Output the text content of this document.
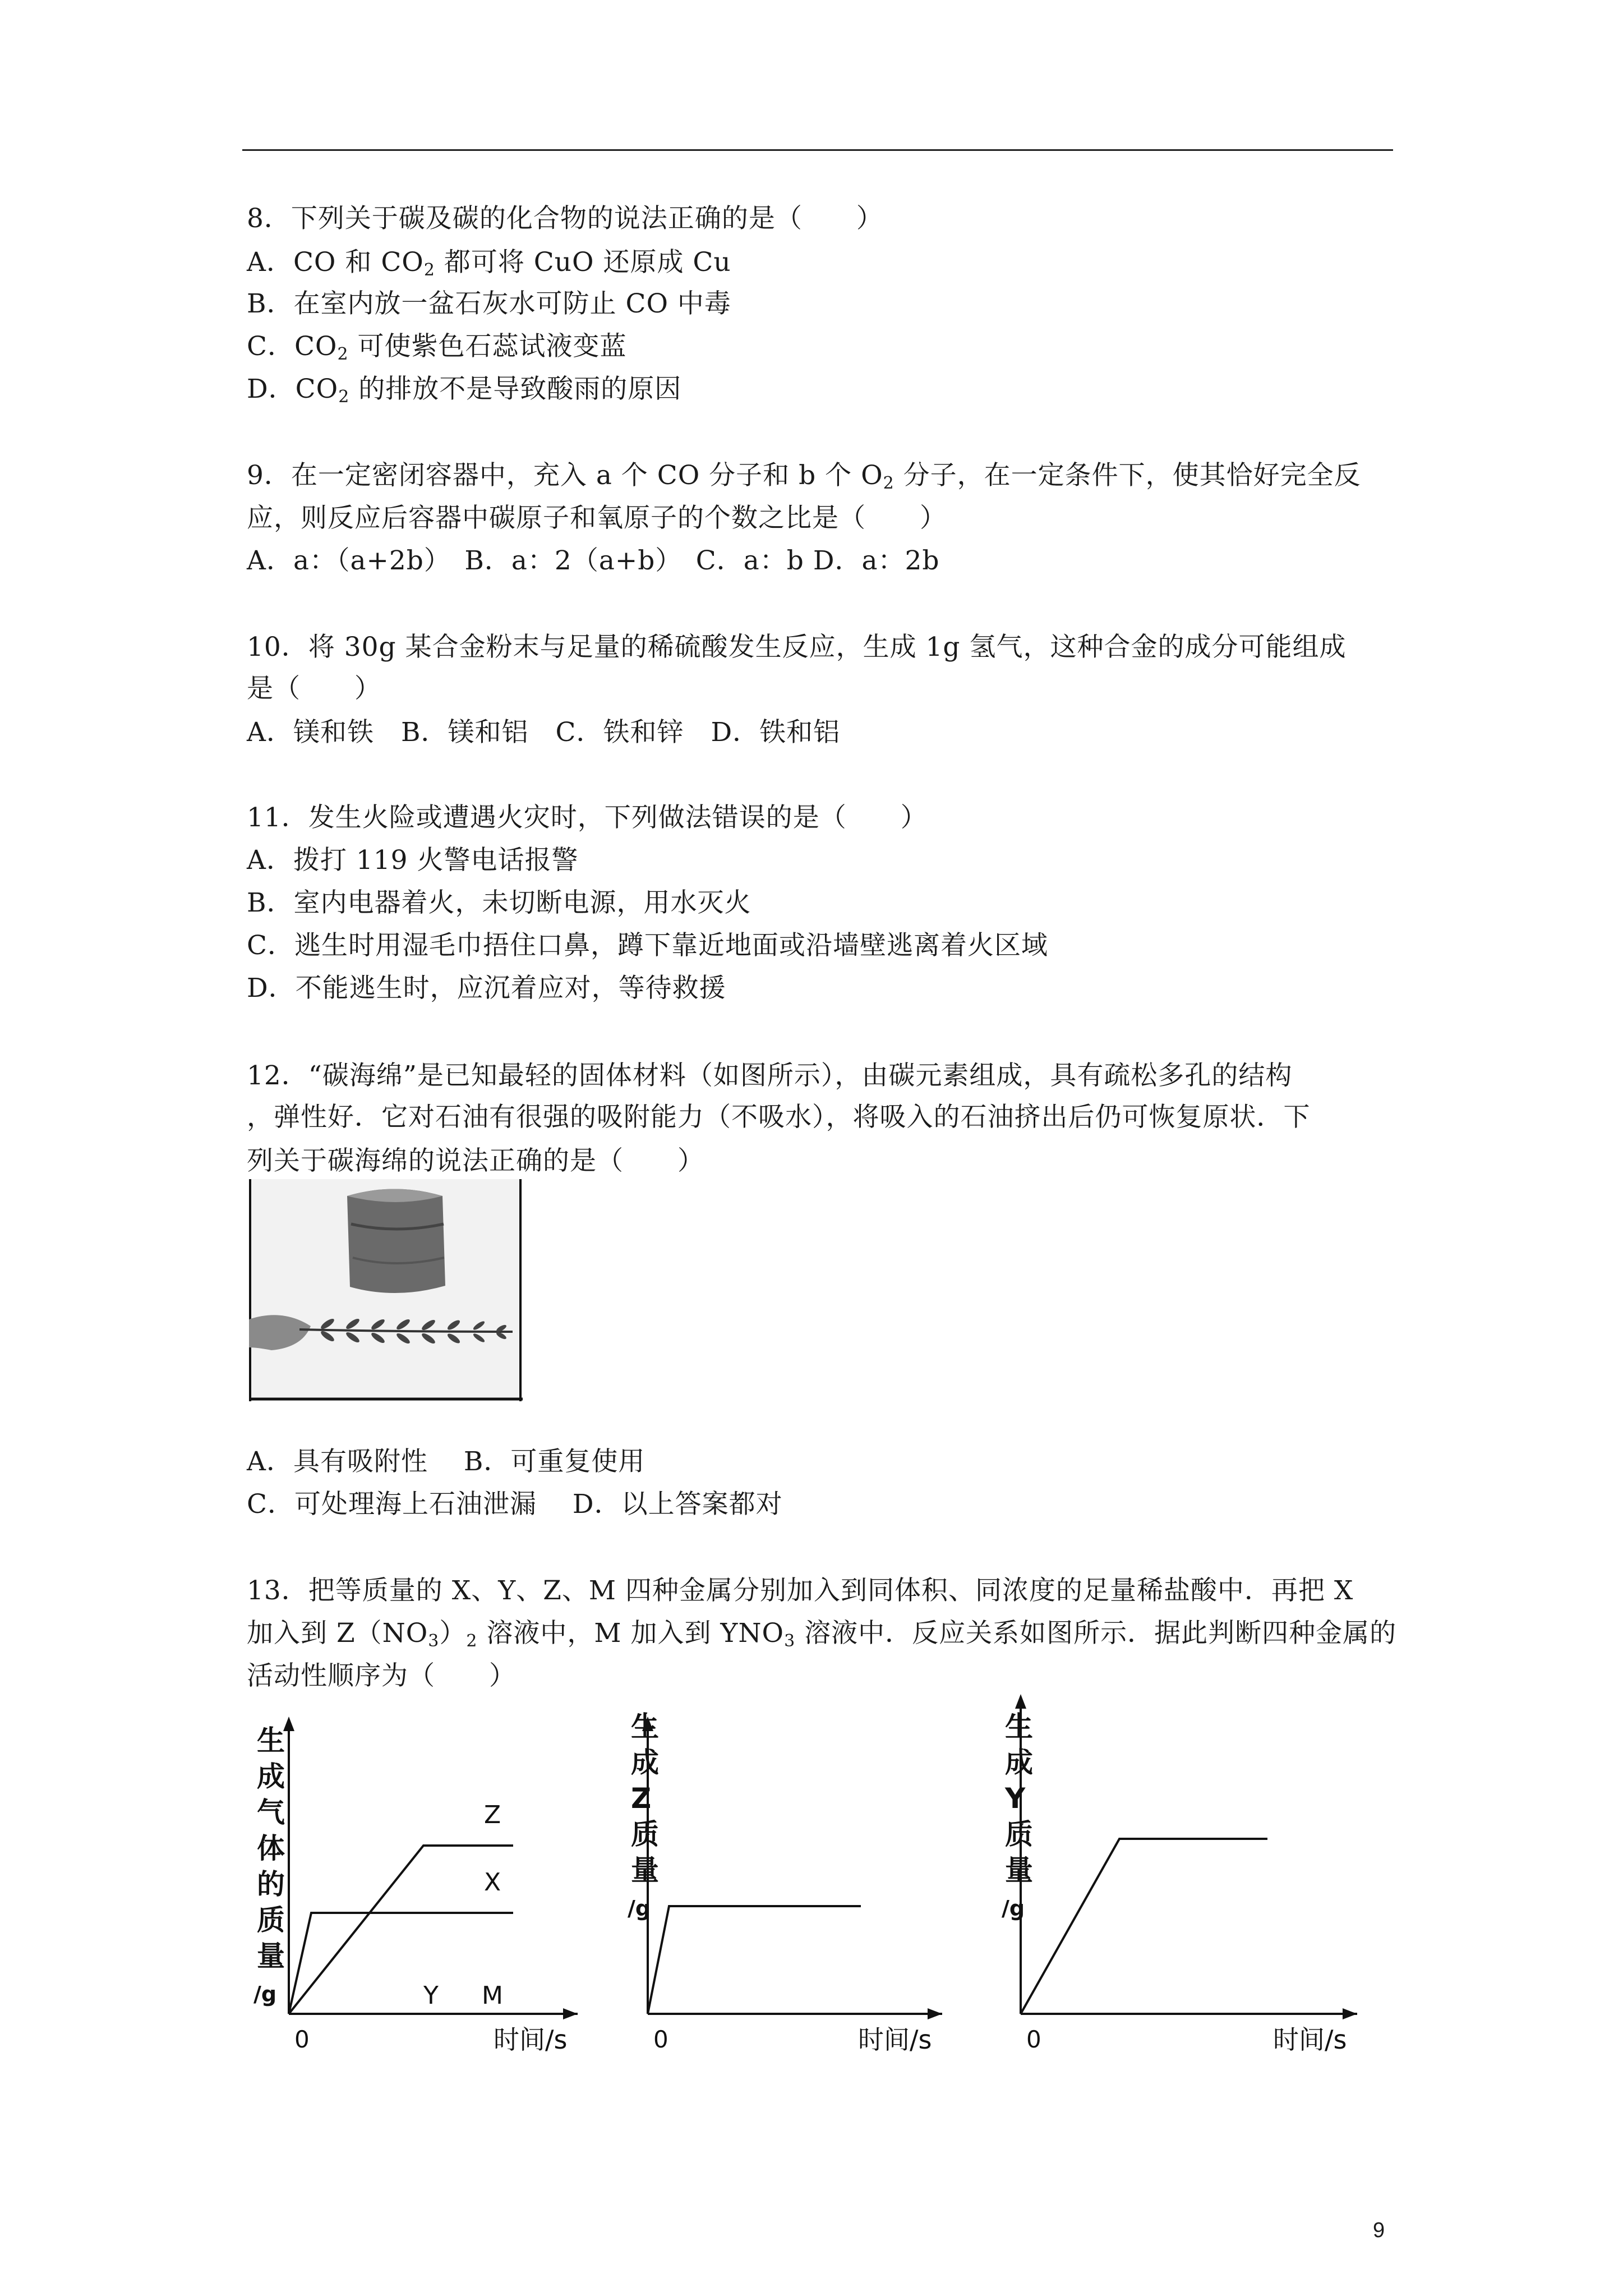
8．下列关于碳及碳的化合物的说法正确的是（　　）
A．CO 和 $CO_2$ 都可将 CuO 还原成 Cu
B．在室内放一盆石灰水可防止 CO 中毒
C．$CO_2$ 可使紫色石蕊试液变蓝
D．$CO_2$ 的排放不是导致酸雨的原因
9．在一定密闭容器中，充入 a 个 CO 分子和 b 个 $O_2$ 分子，在一定条件下，使其恰好完全反
应，则反应后容器中碳原子和氧原子的个数之比是（　　）
A．a：（a+2b）　B．a：2（a+b）　C．a：b D．a：2b
10．将 30g 某合金粉末与足量的稀硫酸发生反应，生成 1g 氢气，这种合金的成分可能组成
是（　　）
A．镁和铁　B．镁和铝　C．铁和锌　D．铁和铝
11．发生火险或遭遇火灾时，下列做法错误的是（　　）
A．拨打 119 火警电话报警
B．室内电器着火，未切断电源，用水灭火
C．逃生时用湿毛巾捂住口鼻，蹲下靠近地面或沿墙壁逃离着火区域
D．不能逃生时，应沉着应对，等待救援
12．“碳海绵”是已知最轻的固体材料（如图所示），由碳元素组成，具有疏松多孔的结构
，弹性好．它对石油有很强的吸附能力（不吸水），将吸入的石油挤出后仍可恢复原状．下
列关于碳海绵的说法正确的是（　　）
A．具有吸附性　 B．可重复使用
C．可处理海上石油泄漏　 D．以上答案都对
13．把等质量的 X、Y、Z、M 四种金属分别加入到同体积、同浓度的足量稀盐酸中．再把 X
加入到 $Z(NO_3)_2$ 溶液中，M 加入到 $YNO_3$ 溶液中．反应关系如图所示．据此判断四种金属的
活动性顺序为（　　）
0	时间/s
生
成
气
体
的
质
量
/g
Z
X
Y M
0	时间/s
生
成
Z
质
量
/g
0	时间/s
生
成
Y
质
量
/g
9
